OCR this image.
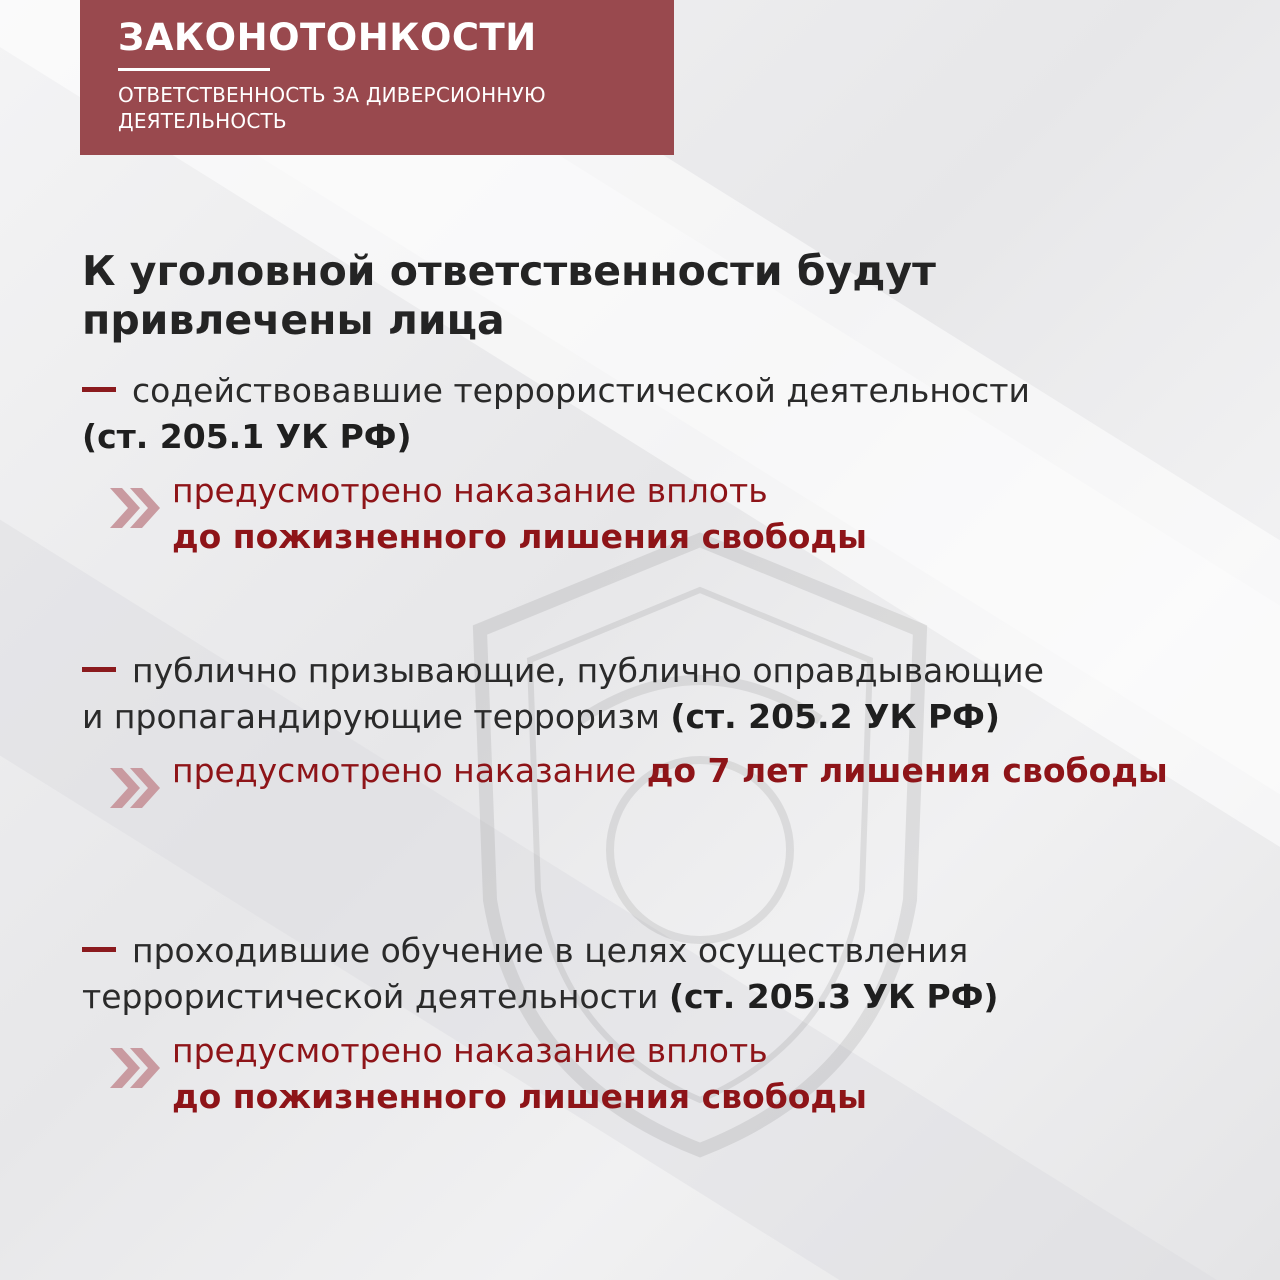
ЗАКОНОТОНКОСТИ
ОТВЕТСТВЕННОСТЬ ЗА ДИВЕРСИОННУЮ ДЕЯТЕЛЬНОСТЬ
К уголовной ответственности будут привлечены лица
содействовавшие террористической деятельности
(ст. 205.1 УК РФ)
предусмотрено наказание вплоть
до пожизненного лишения свободы
публично призывающие, публично оправдывающие
и пропагандирующие терроризм (ст. 205.2 УК РФ)
предусмотрено наказание до 7 лет лишения свободы
проходившие обучение в целях осуществления
террористической деятельности (ст. 205.3 УК РФ)
предусмотрено наказание вплоть
до пожизненного лишения свободы
